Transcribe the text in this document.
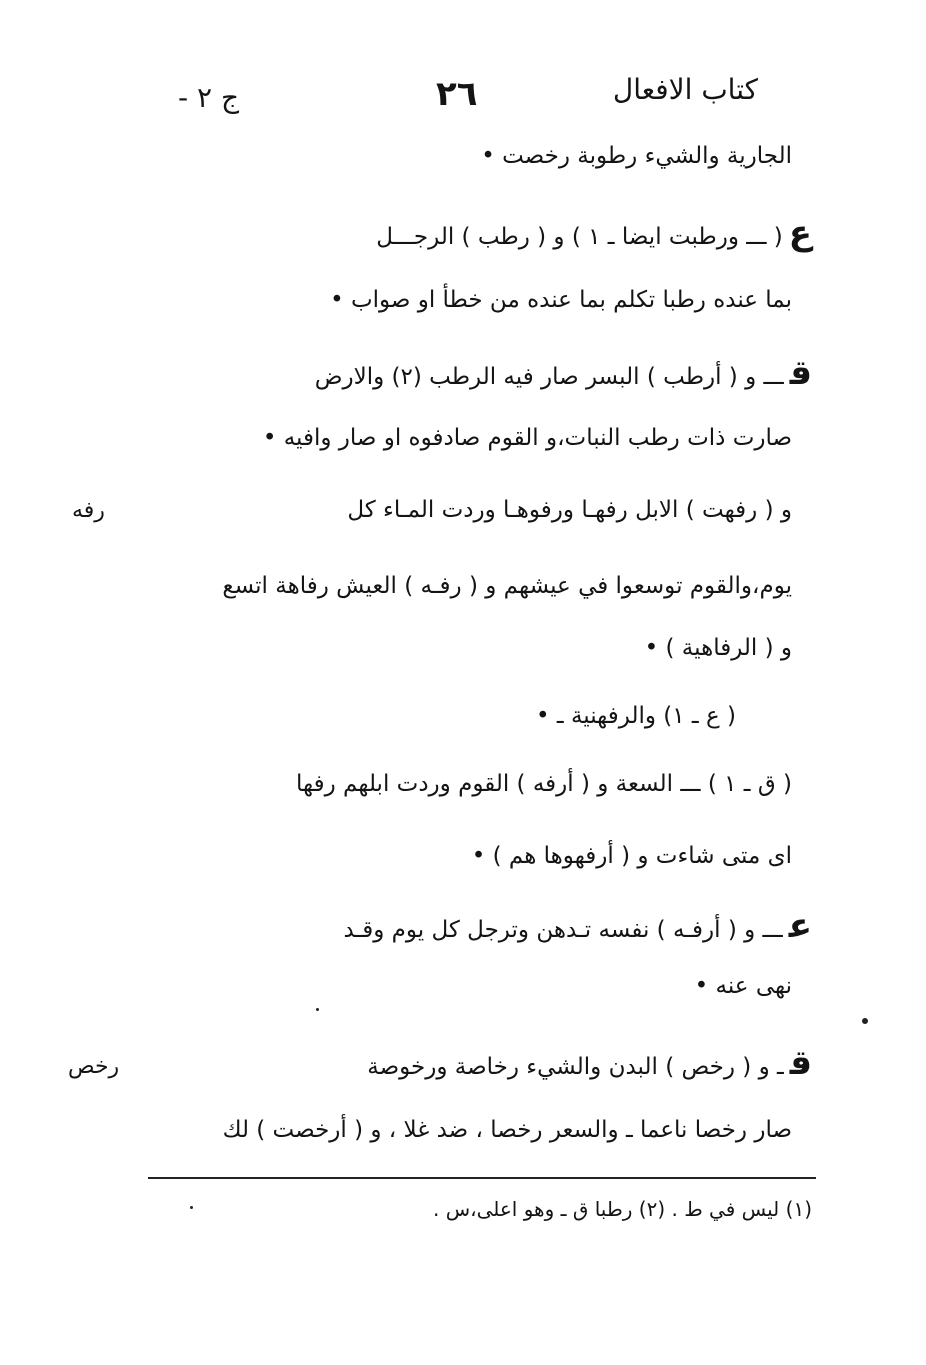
كتاب الافعال
٢٦
ج ٢ -
الجارية والشيء رطوبة رخصت •
ع( ـــ ورطبت ايضا ـ ١ ) و ( رطب ) الرجـــل
بما عنده رطبا تكلم بما عنده من خطأ او صواب •
قـــ و ( أرطب ) البسر صار فيه الرطب (٢) والارض
صارت ذات رطب النبات،و القوم صادفوه او صار وافيه •
و ( رفهت ) الابل رفهـا ورفوهـا وردت المـاء كل
رفه
يوم،والقوم توسعوا في عيشهم و ( رفـه ) العيش رفاهة اتسع
و ( الرفاهية ) •
( ع ـ ١) والرفهنية ـ •
( ق ـ ١ ) ـــ السعة و ( أرفه ) القوم وردت ابلهم رفها
اى متى شاءت و ( أرفهوها هم ) •
عـــ و ( أرفـه ) نفسه تـدهن وترجل كل يوم وقـد
نهى عنه •
قـ و ( رخص ) البدن والشيء رخاصة ورخوصة
رخص
صار رخصا ناعما ـ والسعر رخصا ، ضد غلا ، و ( أرخصت ) لك
(١) ليس في ط . (٢) رطبا ق ـ وهو اعلى،س .
